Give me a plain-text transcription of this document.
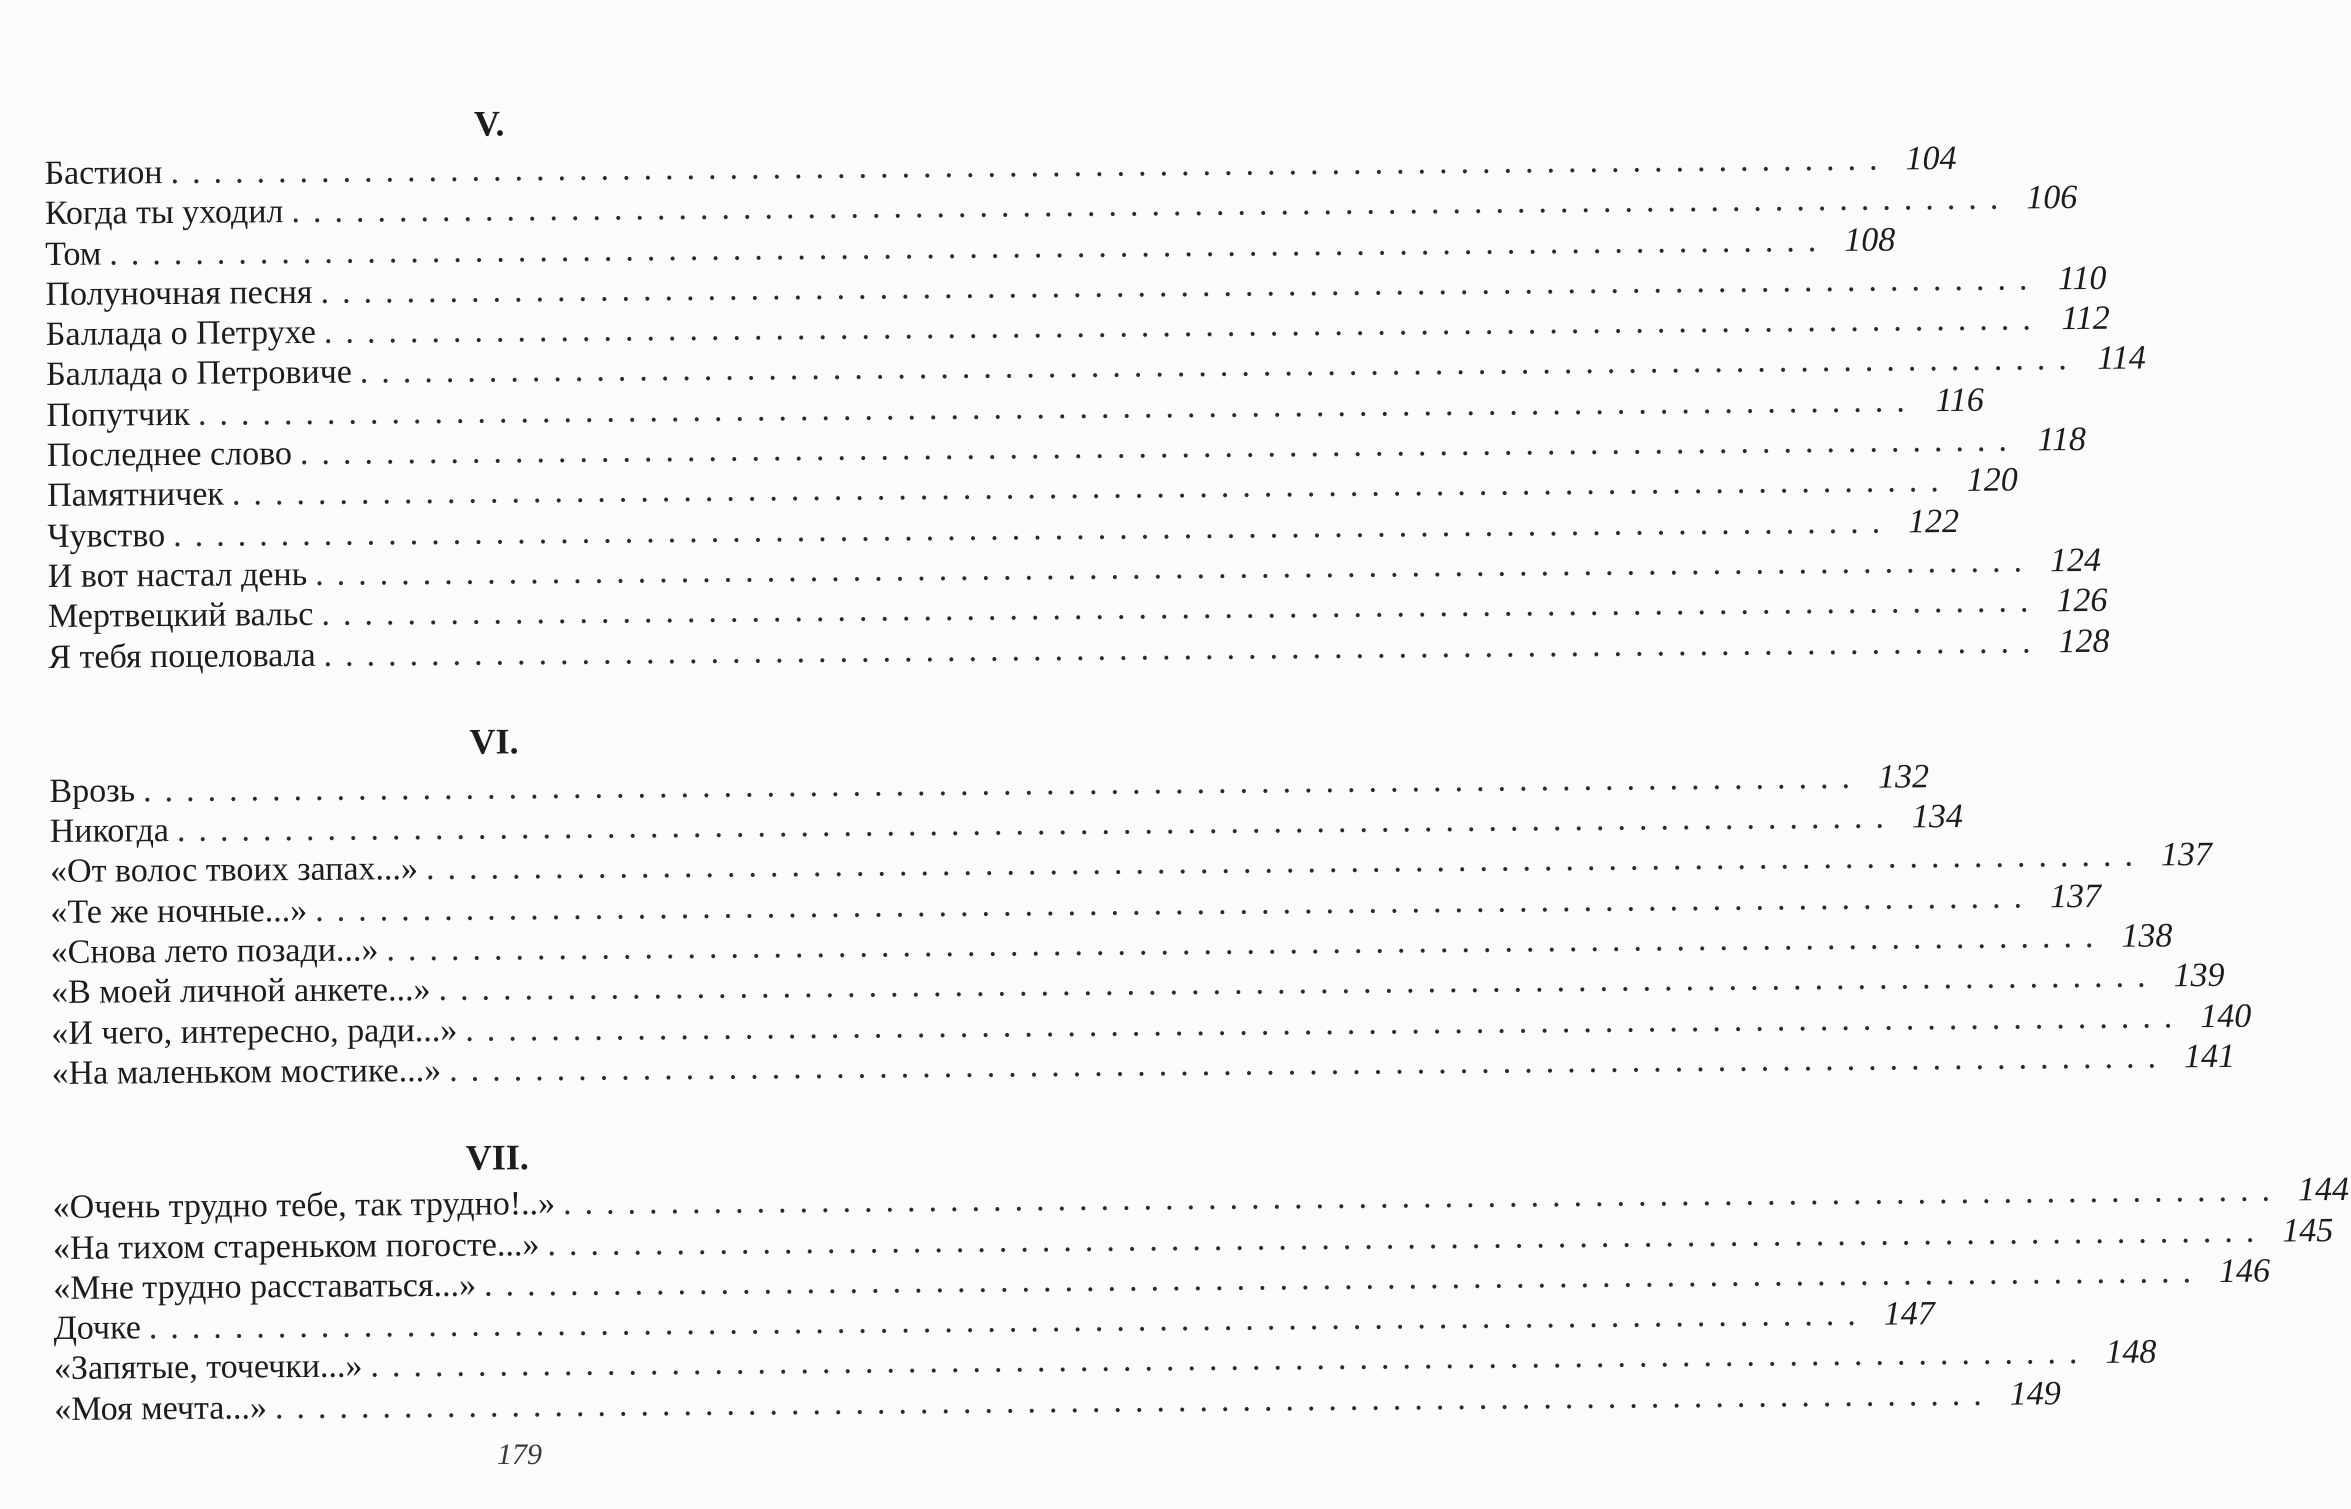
V.
Бастион ................................................................................ 104
Когда ты уходил ................................................................................ 106
Том ................................................................................ 108
Полуночная песня ................................................................................ 110
Баллада о Петрухе ................................................................................ 112
Баллада о Петровиче ................................................................................ 114
Попутчик ................................................................................ 116
Последнее слово ................................................................................ 118
Памятничек ................................................................................ 120
Чувство ................................................................................ 122
И вот настал день ................................................................................ 124
Мертвецкий вальс ................................................................................ 126
Я тебя поцеловала ................................................................................ 128
VI.
Врозь ................................................................................ 132
Никогда ................................................................................ 134
«От волос твоих запах...» ................................................................................ 137
«Те же ночные...» ................................................................................ 137
«Снова лето позади...» ................................................................................ 138
«В моей личной анкете...» ................................................................................ 139
«И чего, интересно, ради...» ................................................................................ 140
«На маленьком мостике...» ................................................................................ 141
VII.
«Очень трудно тебе, так трудно!..» ................................................................................ 144
«На тихом старeньком погосте...» ................................................................................ 145
«Мне трудно расставаться...» ................................................................................ 146
Дочке ................................................................................ 147
«Запятые, точечки...» ................................................................................ 148
«Моя мечта...» ................................................................................ 149
179
